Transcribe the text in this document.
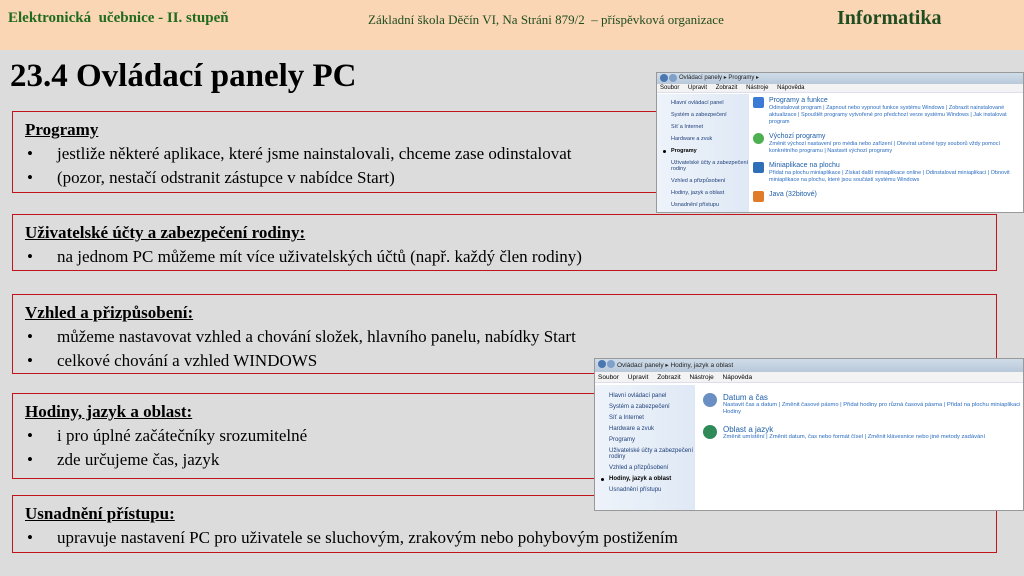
Elektronická  učebnice - II. stupeň	Základní škola Děčín VI, Na Stráni 879/2  – příspěvková organizace	Informatika
23.4 Ovládací panely PC
Programy
• jestliže některé aplikace, které jsme nainstalovali, chceme zase odinstalovat
• (pozor, nestačí odstranit zástupce v nabídce Start)
Uživatelské účty a zabezpečení rodiny:
• na jednom PC můžeme mít více uživatelských účtů (např. každý člen rodiny)
Vzhled a přizpůsobení:
• můžeme nastavovat vzhled a chování složek, hlavního panelu, nabídky Start
• celkové chování a vzhled WINDOWS
Hodiny, jazyk a oblast:
• i pro úplné začátečníky srozumitelné
• zde určujeme čas, jazyk
Usnadnění přístupu:
• upravuje nastavení PC pro uživatele se sluchovým, zrakovým nebo pohybovým postižením
Ovládací panely ▸ Programy ▸
Soubor Upravit Zobrazit Nástroje Nápověda
Hlavní ovládací panel
Systém a zabezpečení
Síť a Internet
Hardware a zvuk
Programy
Uživatelské účty a zabezpečení rodiny
Vzhled a přizpůsobení
Hodiny, jazyk a oblast
Usnadnění přístupu
Programy a funkce
Odinstalovat program | Zapnout nebo vypnout funkce systému Windows | Zobrazit nainstalované aktualizace | Spouštět programy vytvořené pro předchozí verze systému Windows | Jak instalovat program
Výchozí programy
Změnit výchozí nastavení pro média nebo zařízení | Otevírat určené typy souborů vždy pomocí konkrétního programu | Nastavit výchozí programy
Miniaplikace na plochu
Přidat na plochu miniaplikace | Získat další miniaplikace online | Odinstalovat miniaplikaci | Obnovit miniaplikace na plochu, které jsou součástí systému Windows
Java (32bitové)
Ovládací panely ▸ Hodiny, jazyk a oblast
Soubor Upravit Zobrazit Nástroje Nápověda
Hlavní ovládací panel
Systém a zabezpečení
Síť a Internet
Hardware a zvuk
Programy
Uživatelské účty a zabezpečení rodiny
Vzhled a přizpůsobení
Hodiny, jazyk a oblast
Usnadnění přístupu
Datum a čas
Nastavit čas a datum | Změnit časové pásmo | Přidat hodiny pro různá časová pásma | Přidat na plochu miniaplikaci Hodiny
Oblast a jazyk
Změnit umístění | Změnit datum, čas nebo formát čísel | Změnit klávesnice nebo jiné metody zadávání
